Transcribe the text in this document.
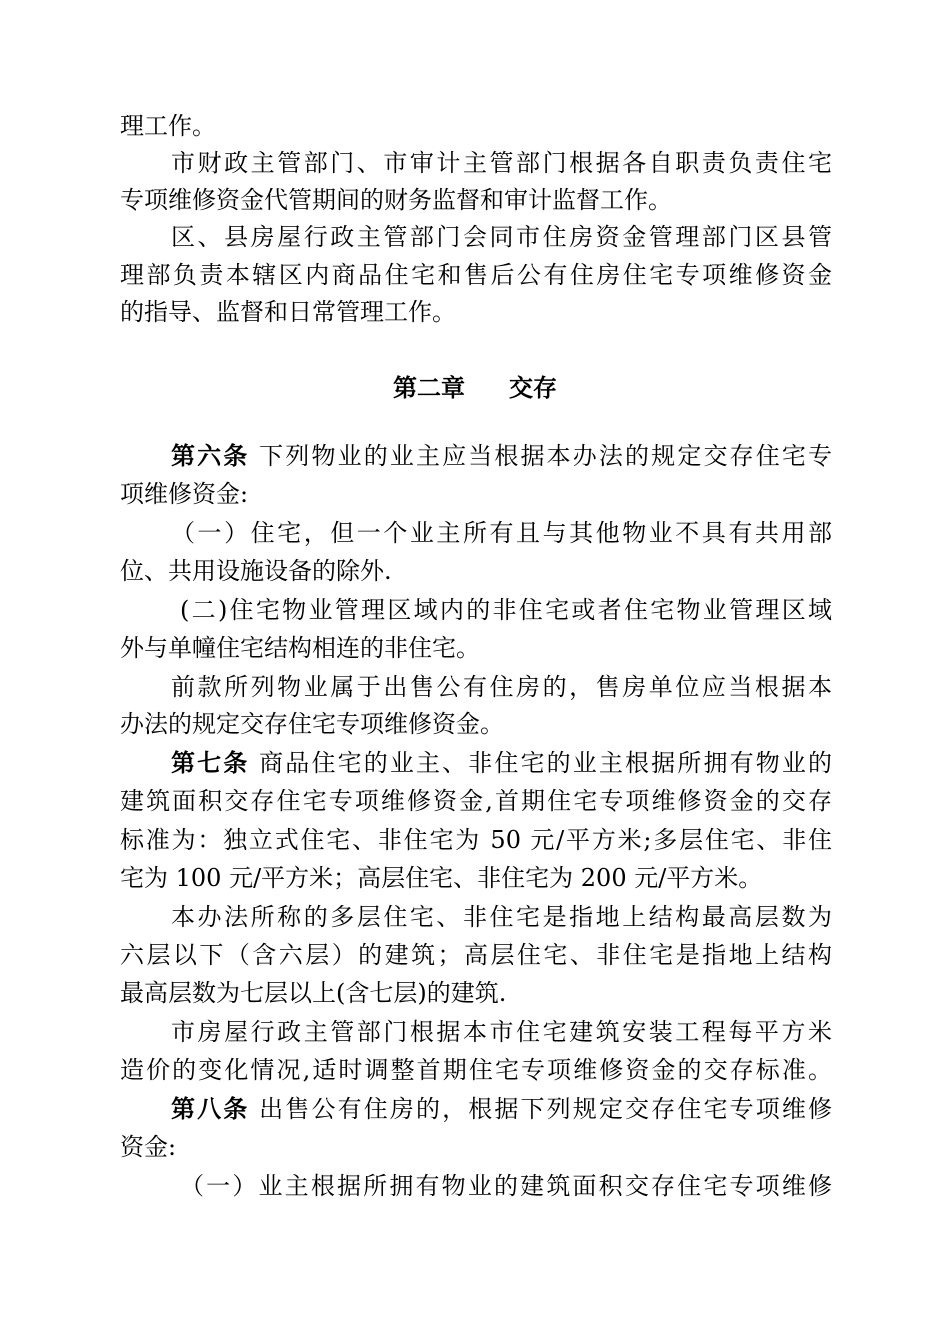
理工作。
市财政主管部门、市审计主管部门根据各自职责负责住宅
专项维修资金代管期间的财务监督和审计监督工作。
区、县房屋行政主管部门会同市住房资金管理部门区县管
理部负责本辖区内商品住宅和售后公有住房住宅专项维修资金
的指导、监督和日常管理工作。
第二章 交存
第六条 下列物业的业主应当根据本办法的规定交存住宅专
项维修资金:
（一）住宅，但一个业主所有且与其他物业不具有共用部
位、共用设施设备的除外.
(二)住宅物业管理区域内的非住宅或者住宅物业管理区域
外与单幢住宅结构相连的非住宅。
前款所列物业属于出售公有住房的，售房单位应当根据本
办法的规定交存住宅专项维修资金。
第七条 商品住宅的业主、非住宅的业主根据所拥有物业的
建筑面积交存住宅专项维修资金,首期住宅专项维修资金的交存
标准为：独立式住宅、非住宅为 50 元/平方米;多层住宅、非住
宅为 100 元/平方米；高层住宅、非住宅为 200 元/平方米。
本办法所称的多层住宅、非住宅是指地上结构最高层数为
六层以下（含六层）的建筑；高层住宅、非住宅是指地上结构
最高层数为七层以上(含七层)的建筑.
市房屋行政主管部门根据本市住宅建筑安装工程每平方米
造价的变化情况,适时调整首期住宅专项维修资金的交存标准。
第八条 出售公有住房的，根据下列规定交存住宅专项维修
资金:
（一）业主根据所拥有物业的建筑面积交存住宅专项维修
